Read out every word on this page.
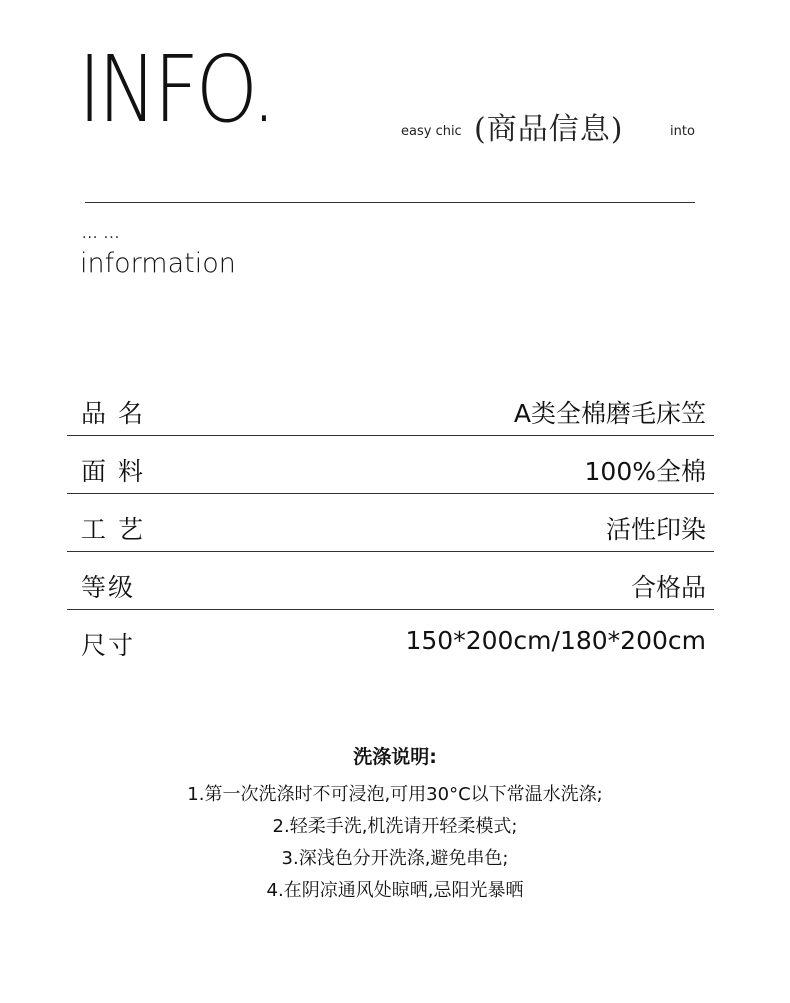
INFO.	easy chic (商品信息)	into
... ...
information
品 名	A类全棉磨毛床笠
面 料	100%全棉
工 艺	活性印染
等级	合格品
尺寸	150*200cm/180*200cm
洗涤说明:
1.第一次洗涤时不可浸泡,可用30°C以下常温水洗涤;
2.轻柔手洗,机洗请开轻柔模式;
3.深浅色分开洗涤,避免串色;
4.在阴凉通风处晾晒,忌阳光暴晒
